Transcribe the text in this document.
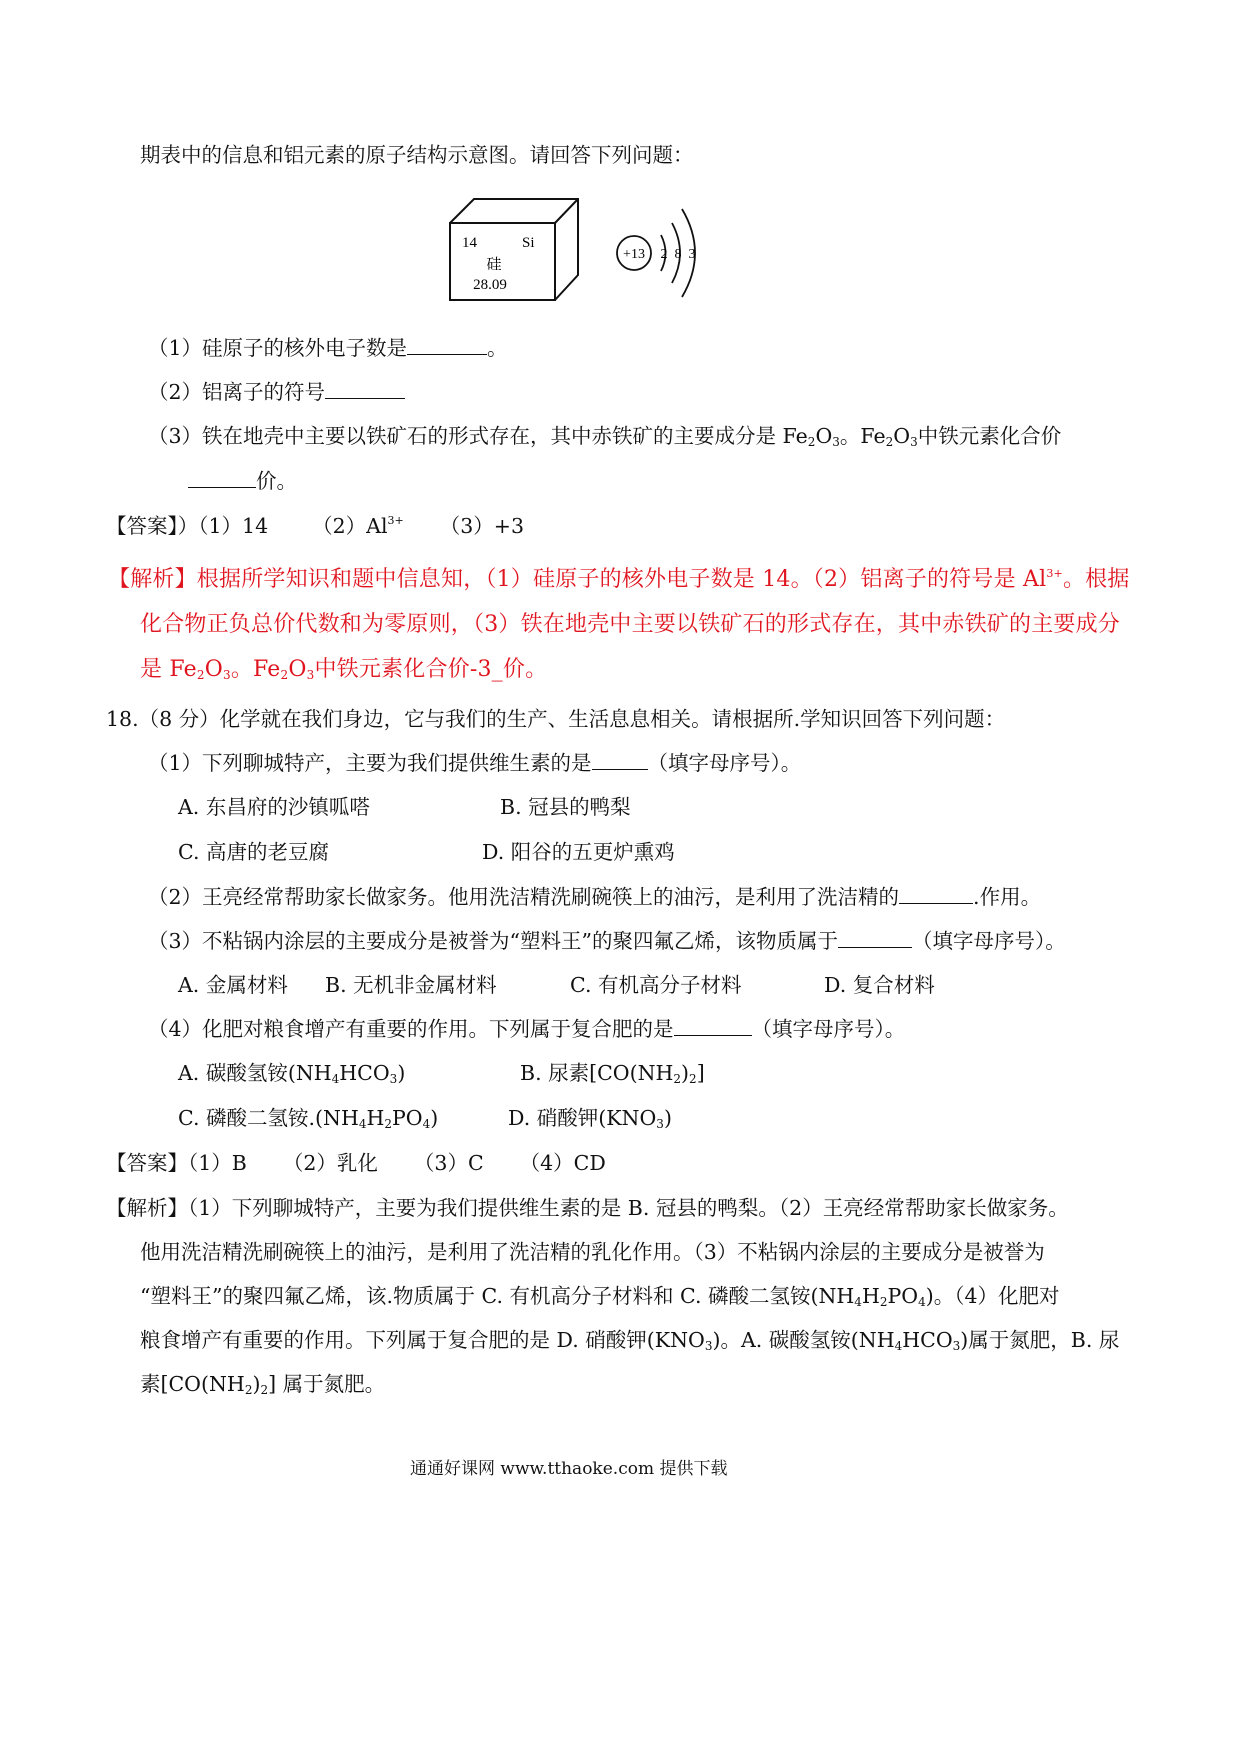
期表中的信息和铝元素的原子结构示意图。请回答下列问题：
14	Si
硅
28.09
+13 2 8 3
（1）硅原子的核外电子数是	。
（2）铝离子的符号
（3）铁在地壳中主要以铁矿石的形式存在，其中赤铁矿的主要成分是 $Fe_2O_3$。$Fe_2O_3$中铁元素化合价
价。
【答案】）（1）14 $(2)Al^{3+}$ （3）+3
【解析】根据所学知识和题中信息知，（1）硅原子的核外电子数是 14。（2）铝离子的符号是 $Al^{3+}$。根据
化合物正负总价代数和为零原则，（3）铁在地壳中主要以铁矿石的形式存在，其中赤铁矿的主要成分
是 $Fe_2O_3$。$Fe_2O_3$中铁元素化合价-3_价。
18.（8 分）化学就在我们身边，它与我们的生产、生活息息相关。请根据所.学知识回答下列问题：
（1）下列聊城特产，主要为我们提供维生素的是	（填字母序号）。
A. 东昌府的沙镇呱嗒	B. 冠县的鸭梨
C. 高唐的老豆腐	D. 阳谷的五更炉熏鸡
（2）王亮经常帮助家长做家务。他用洗洁精洗刷碗筷上的油污，是利用了洗洁精的	.作用。
（3）不粘锅内涂层的主要成分是被誉为“塑料王”的聚四氟乙烯，该物质属于	（填字母序号）。
A. 金属材料 B. 无机非金属材料	C. 有机高分子材料	D. 复合材料
（4）化肥对粮食增产有重要的作用。下列属于复合肥的是	（填字母序号）。
A. 碳酸氢铵$(NH_4HCO_3)$	B. 尿素$[CO(NH_2)_2]$
C. 磷酸二氢铵$.(NH_4H_2PO_4)$	D. 硝酸钾$(KNO_3)$
【答案】（1）B （2）乳化 （3）C （4）CD
【解析】（1）下列聊城特产，主要为我们提供维生素的是 B. 冠县的鸭梨。（2）王亮经常帮助家长做家务。
他用洗洁精洗刷碗筷上的油污，是利用了洗洁精的乳化作用。（3）不粘锅内涂层的主要成分是被誉为
“塑料王”的聚四氟乙烯，该.物质属于 C. 有机高分子材料和 C. 磷酸二氢铵$(NH_4H_2PO_4)$。（4）化肥对
粮食增产有重要的作用。下列属于复合肥的是 D. 硝酸钾$(KNO_3)$。A. 碳酸氢铵$(NH_4HCO_3)$属于氮肥，B. 尿
素$[CO(NH_2)_2]$ 属于氮肥。
通通好课网 www.tthaoke.com 提供下载
